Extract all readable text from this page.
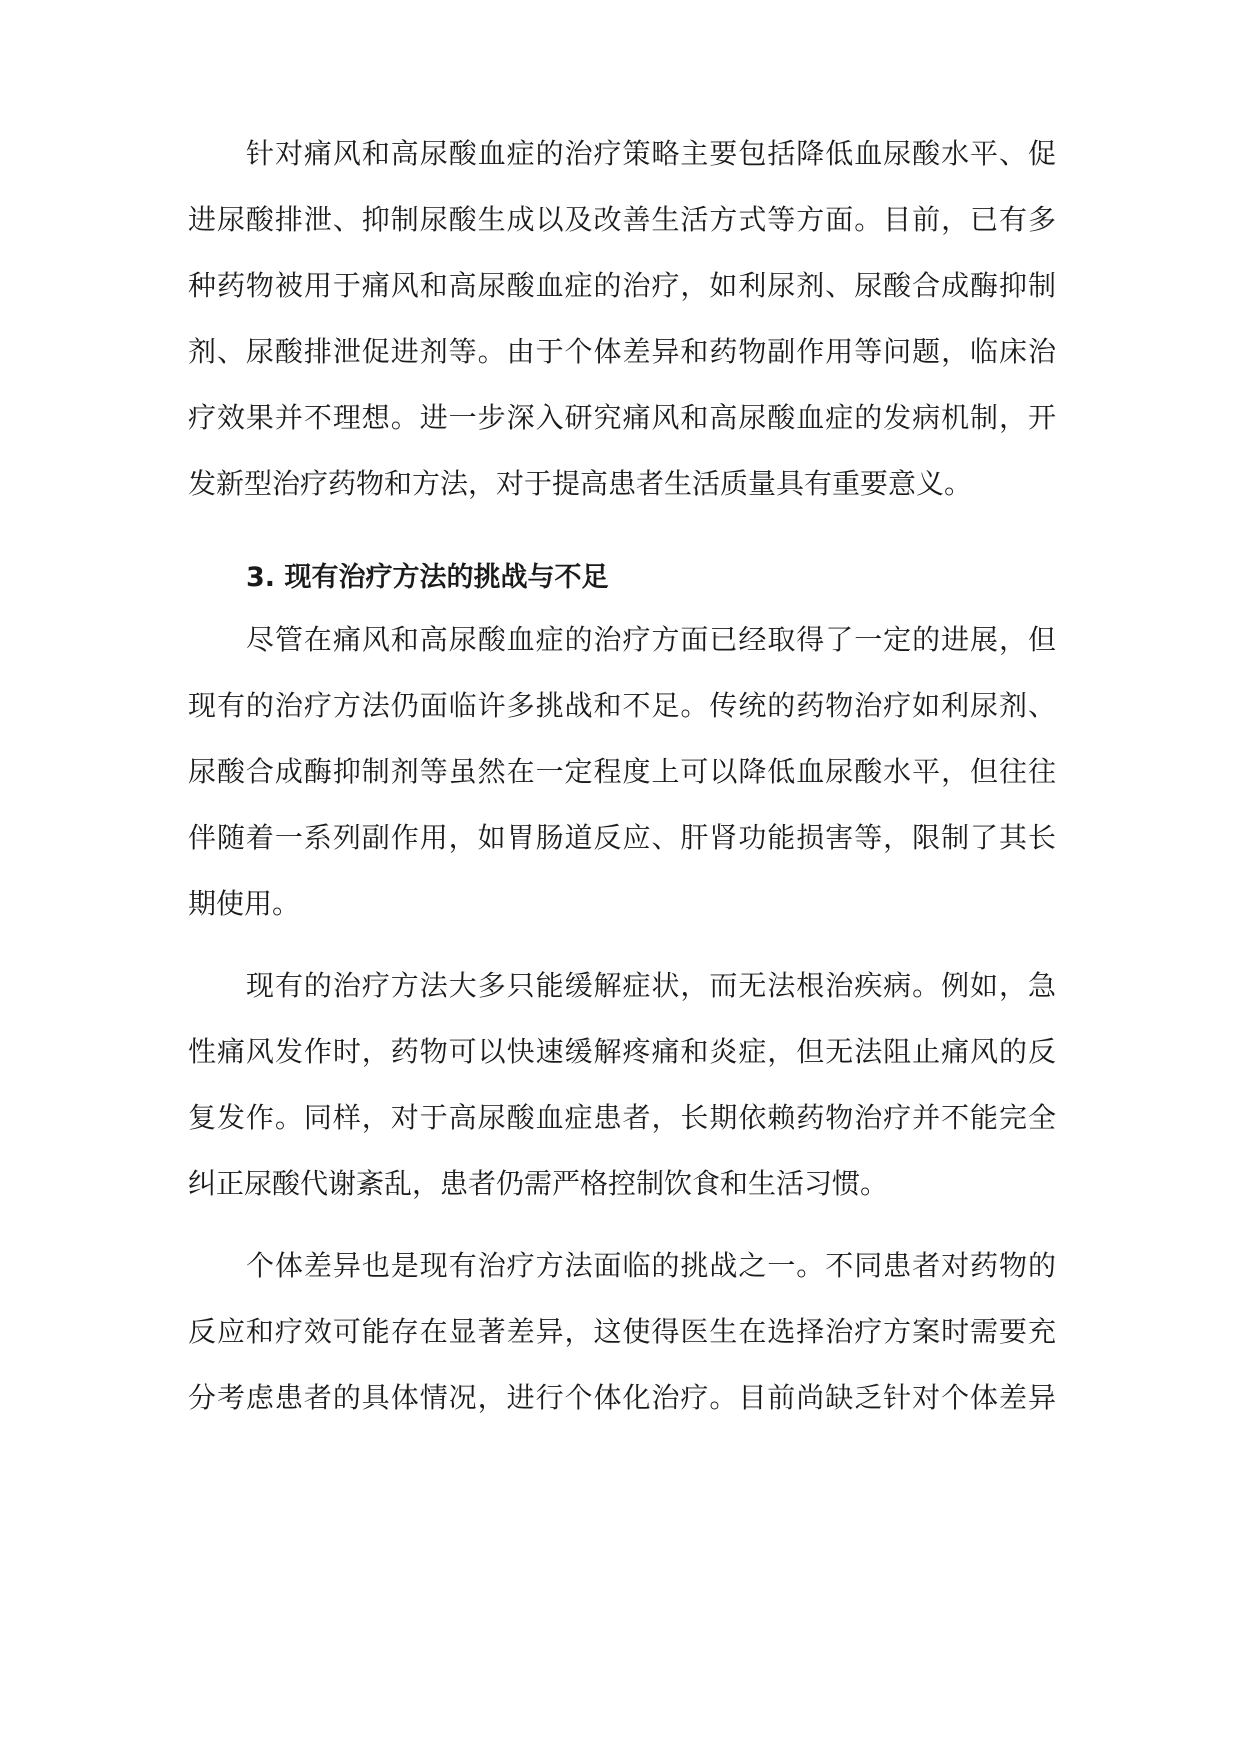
针对痛风和高尿酸血症的治疗策略主要包括降低血尿酸水平、促

进尿酸排泄、抑制尿酸生成以及改善生活方式等方面。目前，已有多

种药物被用于痛风和高尿酸血症的治疗，如利尿剂、尿酸合成酶抑制

剂、尿酸排泄促进剂等。由于个体差异和药物副作用等问题，临床治

疗效果并不理想。进一步深入研究痛风和高尿酸血症的发病机制，开

发新型治疗药物和方法，对于提高患者生活质量具有重要意义。

3. 现有治疗方法的挑战与不足

尽管在痛风和高尿酸血症的治疗方面已经取得了一定的进展，但

现有的治疗方法仍面临许多挑战和不足。传统的药物治疗如利尿剂、

尿酸合成酶抑制剂等虽然在一定程度上可以降低血尿酸水平，但往往

伴随着一系列副作用，如胃肠道反应、肝肾功能损害等，限制了其长

期使用。

现有的治疗方法大多只能缓解症状，而无法根治疾病。例如，急

性痛风发作时，药物可以快速缓解疼痛和炎症，但无法阻止痛风的反

复发作。同样，对于高尿酸血症患者，长期依赖药物治疗并不能完全

纠正尿酸代谢紊乱，患者仍需严格控制饮食和生活习惯。

个体差异也是现有治疗方法面临的挑战之一。不同患者对药物的

反应和疗效可能存在显著差异，这使得医生在选择治疗方案时需要充

分考虑患者的具体情况，进行个体化治疗。目前尚缺乏针对个体差异
